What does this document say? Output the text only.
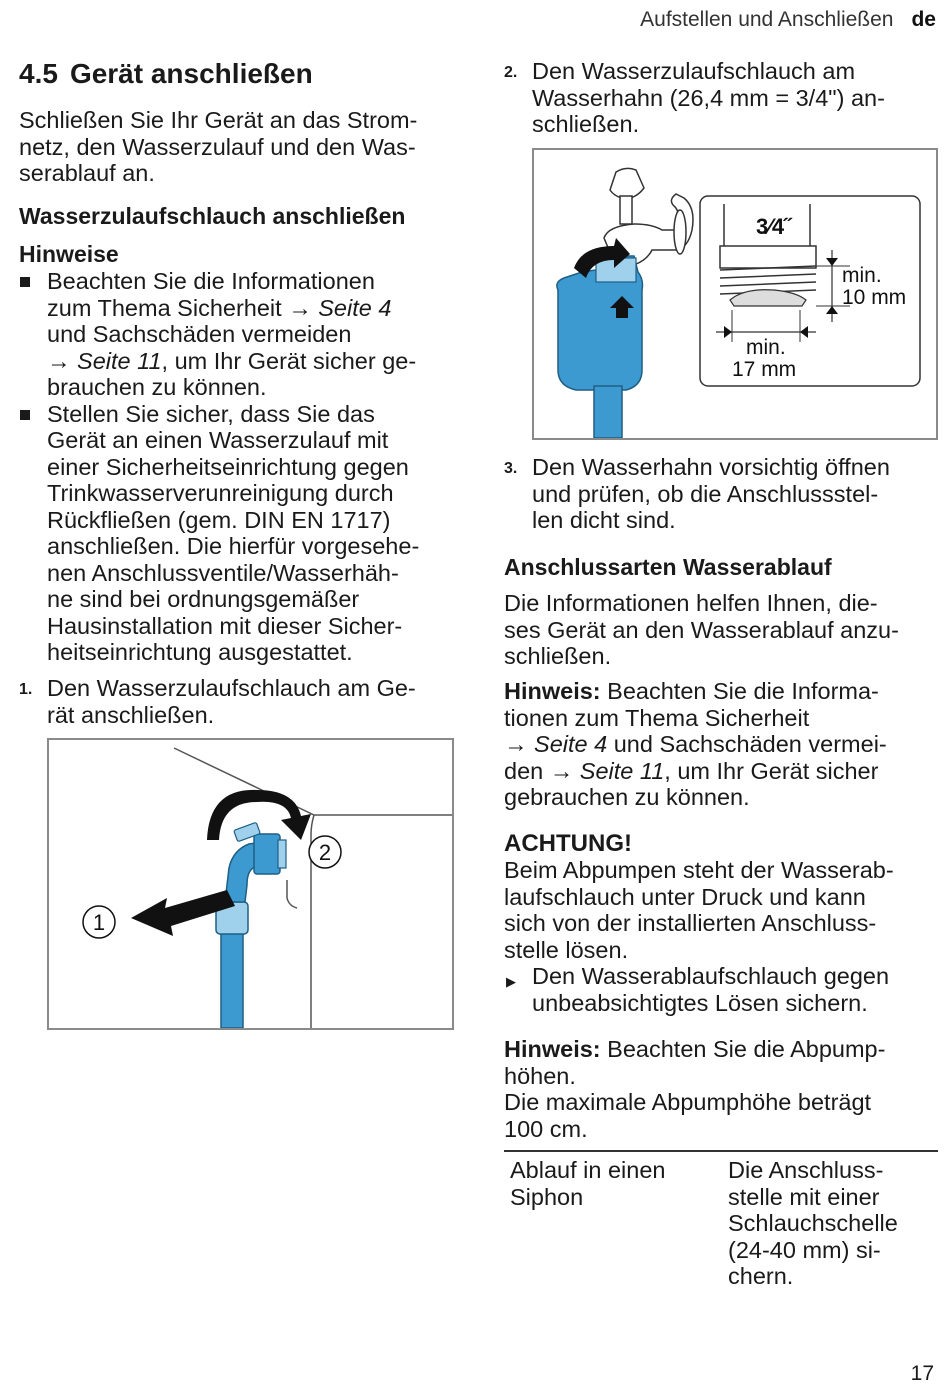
Aufstellen und Anschließen de
4.5 Gerät anschließen
Schließen Sie Ihr Gerät an das Strom-
netz, den Wasserzulauf und den Was-
serablauf an.
Wasserzulaufschlauch anschließen
Hinweise
Beachten Sie die Informationen
zum Thema Sicherheit → Seite 4
und Sachschäden vermeiden
→ Seite 11, um Ihr Gerät sicher ge-
brauchen zu können.
Stellen Sie sicher, dass Sie das
Gerät an einen Wasserzulauf mit
einer Sicherheitseinrichtung gegen
Trinkwasserverunreinigung durch
Rückfließen (gem. DIN EN 1717)
anschließen. Die hierfür vorgesehe-
nen Anschlussventile/Wasserhäh-
ne sind bei ordnungsgemäßer
Hausinstallation mit dieser Sicher-
heitseinrichtung ausgestattet.
1. Den Wasserzulaufschlauch am Ge-
rät anschließen.
1
2
2. Den Wasserzulaufschlauch am
Wasserhahn (26,4 mm = 3/4") an-
schließen.
3⁄4˝
min.
10 mm
min.
17 mm
3. Den Wasserhahn vorsichtig öffnen
und prüfen, ob die Anschlussstel-
len dicht sind.
Anschlussarten Wasserablauf
Die Informationen helfen Ihnen, die-
ses Gerät an den Wasserablauf anzu-
schließen.
Hinweis: Beachten Sie die Informa-
tionen zum Thema Sicherheit
→ Seite 4 und Sachschäden vermei-
den → Seite 11, um Ihr Gerät sicher
gebrauchen zu können.
ACHTUNG!
Beim Abpumpen steht der Wasserab-
laufschlauch unter Druck und kann
sich von der installierten Anschluss-
stelle lösen.
▶ Den Wasserablaufschlauch gegen
unbeabsichtigtes Lösen sichern.
Hinweis: Beachten Sie die Abpump-
höhen.
Die maximale Abpumphöhe beträgt
100 cm.
Ablauf in einen
Siphon
Die Anschluss-
stelle mit einer
Schlauchschelle
(24-40 mm) si-
chern.
17
